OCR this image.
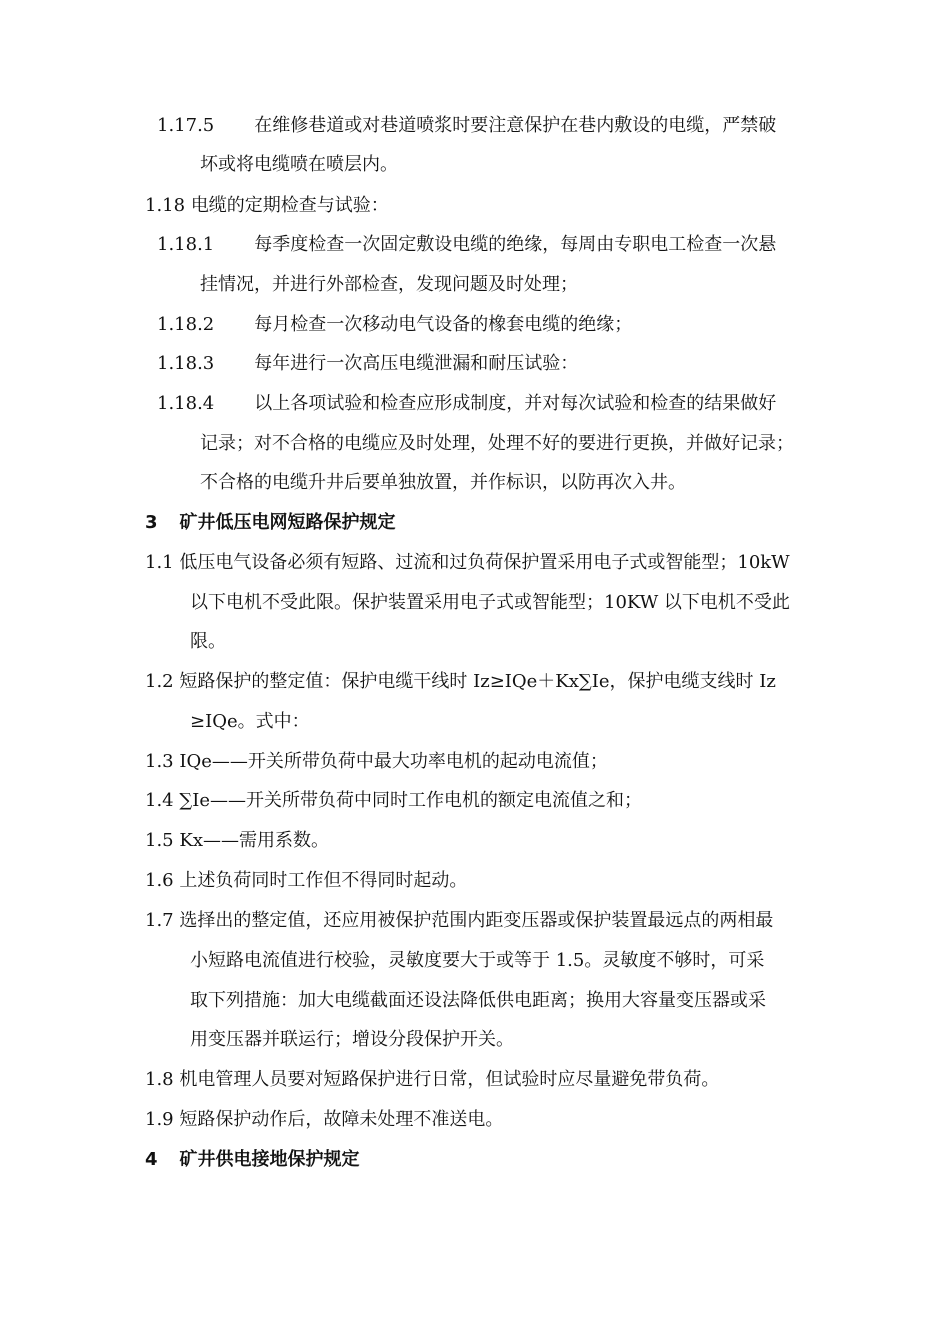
1.17.5 在维修巷道或对巷道喷浆时要注意保护在巷内敷设的电缆，严禁破
坏或将电缆喷在喷层内。
1.18 电缆的定期检查与试验：
1.18.1 每季度检查一次固定敷设电缆的绝缘，每周由专职电工检查一次悬
挂情况，并进行外部检查，发现问题及时处理；
1.18.2 每月检查一次移动电气设备的橡套电缆的绝缘；
1.18.3 每年进行一次高压电缆泄漏和耐压试验：
1.18.4 以上各项试验和检查应形成制度，并对每次试验和检查的结果做好
记录；对不合格的电缆应及时处理，处理不好的要进行更换，并做好记录；
不合格的电缆升井后要单独放置，并作标识，以防再次入井。
3 矿井低压电网短路保护规定
1.1 低压电气设备必须有短路、过流和过负荷保护置采用电子式或智能型；10kW
以下电机不受此限。保护装置采用电子式或智能型；10KW 以下电机不受此
限。
1.2 短路保护的整定值：保护电缆干线时 Iz≥IQe＋Kx∑Ie，保护电缆支线时 Iz
≥IQe。式中：
1.3 IQe——开关所带负荷中最大功率电机的起动电流值；
1.4 ∑Ie——开关所带负荷中同时工作电机的额定电流值之和；
1.5 Kx——需用系数。
1.6 上述负荷同时工作但不得同时起动。
1.7 选择出的整定值，还应用被保护范围内距变压器或保护装置最远点的两相最
小短路电流值进行校验，灵敏度要大于或等于 1.5。灵敏度不够时，可采
取下列措施：加大电缆截面还设法降低供电距离；换用大容量变压器或采
用变压器并联运行；增设分段保护开关。
1.8 机电管理人员要对短路保护进行日常，但试验时应尽量避免带负荷。
1.9 短路保护动作后，故障未处理不准送电。
4 矿井供电接地保护规定
